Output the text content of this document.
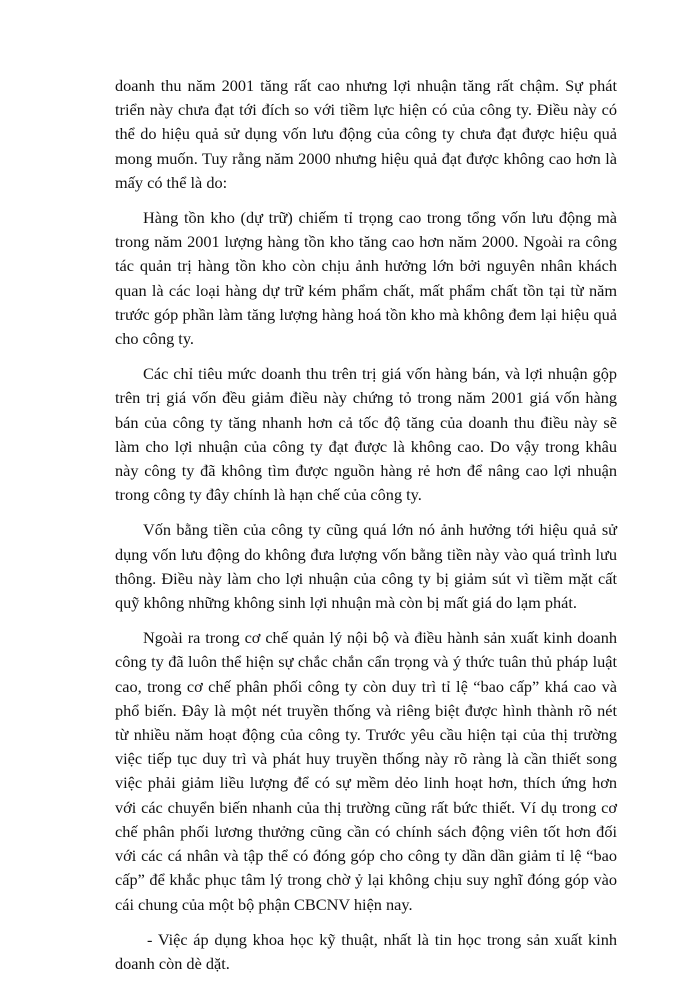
doanh thu năm 2001 tăng rất cao nhưng lợi nhuận tăng rất chậm. Sự phát triển này chưa đạt tới đích so với tiềm lực hiện có của công ty. Điều này có thể do hiệu quả sử dụng vốn lưu động của công ty chưa đạt được hiệu quả mong muốn. Tuy rằng năm 2000 nhưng hiệu quả đạt được không cao hơn là mấy có thể là do:

Hàng tồn kho (dự trữ) chiếm tỉ trọng cao trong tổng vốn lưu động mà trong năm 2001 lượng hàng tồn kho tăng cao hơn năm 2000. Ngoài ra công tác quản trị hàng tồn kho còn chịu ảnh hưởng lớn bởi nguyên nhân khách quan là các loại hàng dự trữ kém phẩm chất, mất phẩm chất tồn tại từ năm trước góp phần làm tăng lượng hàng hoá tồn kho mà không đem lại hiệu quả cho công ty.

Các chỉ tiêu mức doanh thu trên trị giá vốn hàng bán, và lợi nhuận gộp trên trị giá vốn đều giảm điều này chứng tỏ trong năm 2001 giá vốn hàng bán của công ty tăng nhanh hơn cả tốc độ tăng của doanh thu điều này sẽ làm cho lợi nhuận của công ty đạt được là không cao. Do vậy trong khâu này công ty đã không tìm được nguồn hàng rẻ hơn để nâng cao lợi nhuận trong công ty đây chính là hạn chế của công ty.

Vốn bằng tiền của công ty cũng quá lớn nó ảnh hưởng tới hiệu quả sử dụng vốn lưu động do không đưa lượng vốn bằng tiền này vào quá trình lưu thông. Điều này làm cho lợi nhuận của công ty bị giảm sút vì tiềm mặt cất quỹ không những không sinh lợi nhuận mà còn bị mất giá do lạm phát.

Ngoài ra trong cơ chế quản lý nội bộ và điều hành sản xuất kinh doanh công ty đã luôn thể hiện sự chắc chắn cẩn trọng và ý thức tuân thủ pháp luật cao, trong cơ chế phân phối công ty còn duy trì tỉ lệ “bao cấp” khá cao và phổ biến. Đây là một nét truyền thống và riêng biệt được hình thành rõ nét từ nhiều năm hoạt động của công ty. Trước yêu cầu hiện tại của thị trường việc tiếp tục duy trì và phát huy truyền thống này rõ ràng là cần thiết song việc phải giảm liều lượng để có sự mềm dẻo linh hoạt hơn, thích ứng hơn với các chuyển biến nhanh của thị trường cũng rất bức thiết. Ví dụ trong cơ chế phân phối lương thưởng cũng cần có chính sách động viên tốt hơn đối với các cá nhân và tập thể có đóng góp cho công ty dần dần giảm tỉ lệ “bao cấp” để khắc phục tâm lý trong chờ ỷ lại không chịu suy nghĩ đóng góp vào cái chung của một bộ phận CBCNV hiện nay.

- Việc áp dụng khoa học kỹ thuật, nhất là tin học trong sản xuất kinh doanh còn dè dặt.
